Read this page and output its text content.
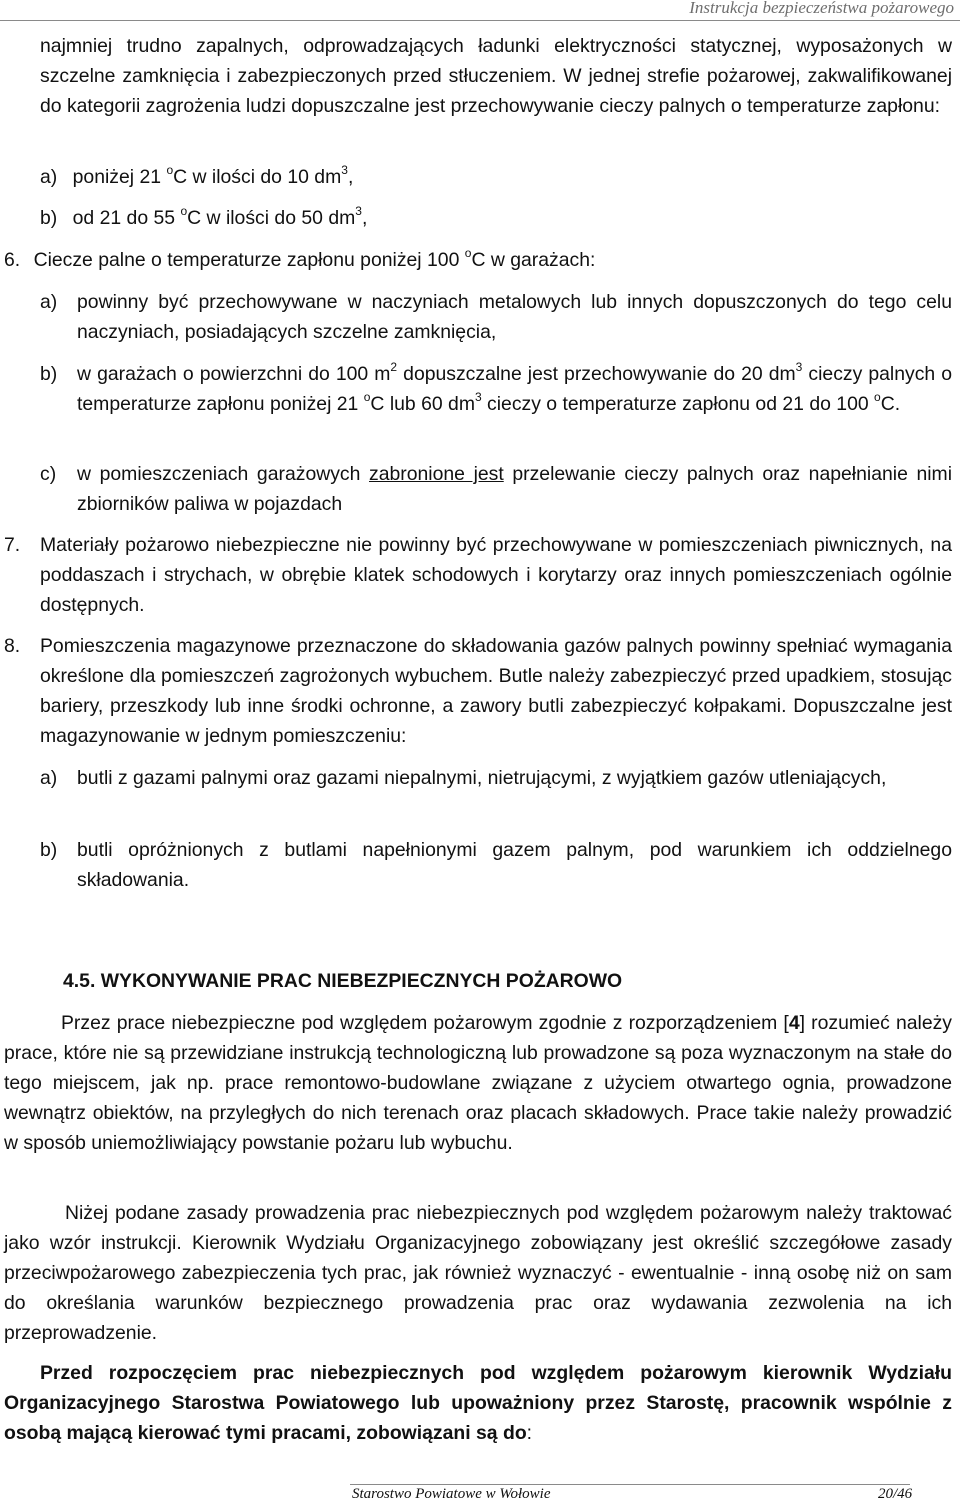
Instrukcja bezpieczeństwa pożarowego

najmniej trudno zapalnych, odprowadzających ładunki elektryczności statycznej, wyposażonych w szczelne zamknięcia i zabezpieczonych przed stłuczeniem. W jednej strefie pożarowej, zakwalifikowanej do kategorii zagrożenia ludzi dopuszczalne jest przechowywanie cieczy palnych o temperaturze zapłonu:

a) poniżej 21 $^o$C w ilości do 10 $dm^3$,
b) od 21 do 55 $^o$C w ilości do 50 $dm^3$,
6. Ciecze palne o temperaturze zapłonu poniżej 100 $^o$C w garażach:
a) powinny być przechowywane w naczyniach metalowych lub innych dopuszczonych do tego celu naczyniach, posiadających szczelne zamknięcia,
b) w garażach o powierzchni do 100 $m^2$ dopuszczalne jest przechowywanie do 20 $dm^3$ cieczy palnych o temperaturze zapłonu poniżej 21 $^o$C lub 60 $dm^3$ cieczy o temperaturze zapłonu od 21 do 100 $^o$C.
c) w pomieszczeniach garażowych zabronione jest przelewanie cieczy palnych oraz napełnianie nimi zbiorników paliwa w pojazdach
7. Materiały pożarowo niebezpieczne nie powinny być przechowywane w pomieszczeniach piwnicznych, na poddaszach i strychach, w obrębie klatek schodowych i korytarzy oraz innych pomieszczeniach ogólnie dostępnych.
8. Pomieszczenia magazynowe przeznaczone do składowania gazów palnych powinny spełniać wymagania określone dla pomieszczeń zagrożonych wybuchem. Butle należy zabezpieczyć przed upadkiem, stosując bariery, przeszkody lub inne środki ochronne, a zawory butli zabezpieczyć kołpakami. Dopuszczalne jest magazynowanie w jednym pomieszczeniu:
a) butli z gazami palnymi oraz gazami niepalnymi, nietrującymi, z wyjątkiem gazów utleniających,
b) butli opróżnionych z butlami napełnionymi gazem palnym, pod warunkiem ich oddzielnego składowania.
4.5. WYKONYWANIE PRAC NIEBEZPIECZNYCH POŻAROWO

Przez prace niebezpieczne pod względem pożarowym zgodnie z rozporządzeniem [4] rozumieć należy prace, które nie są przewidziane instrukcją technologiczną lub prowadzone są poza wyznaczonym na stałe do tego miejscem, jak np. prace remontowo-budowlane związane z użyciem otwartego ognia, prowadzone wewnątrz obiektów, na przyległych do nich terenach oraz placach składowych. Prace takie należy prowadzić w sposób uniemożliwiający powstanie pożaru lub wybuchu.

Niżej podane zasady prowadzenia prac niebezpiecznych pod względem pożarowym należy traktować jako wzór instrukcji. Kierownik Wydziału Organizacyjnego zobowiązany jest określić szczegółowe zasady przeciwpożarowego zabezpieczenia tych prac, jak również wyznaczyć - ewentualnie - inną osobę niż on sam do określania warunków bezpiecznego prowadzenia prac oraz wydawania zezwolenia na ich przeprowadzenie.

Przed rozpoczęciem prac niebezpiecznych pod względem pożarowym kierownik Wydziału Organizacyjnego Starostwa Powiatowego lub upoważniony przez Starostę, pracownik wspólnie z osobą mającą kierować tymi pracami, zobowiązani są do:

Starostwo Powiatowe w Wołowie	20/46
